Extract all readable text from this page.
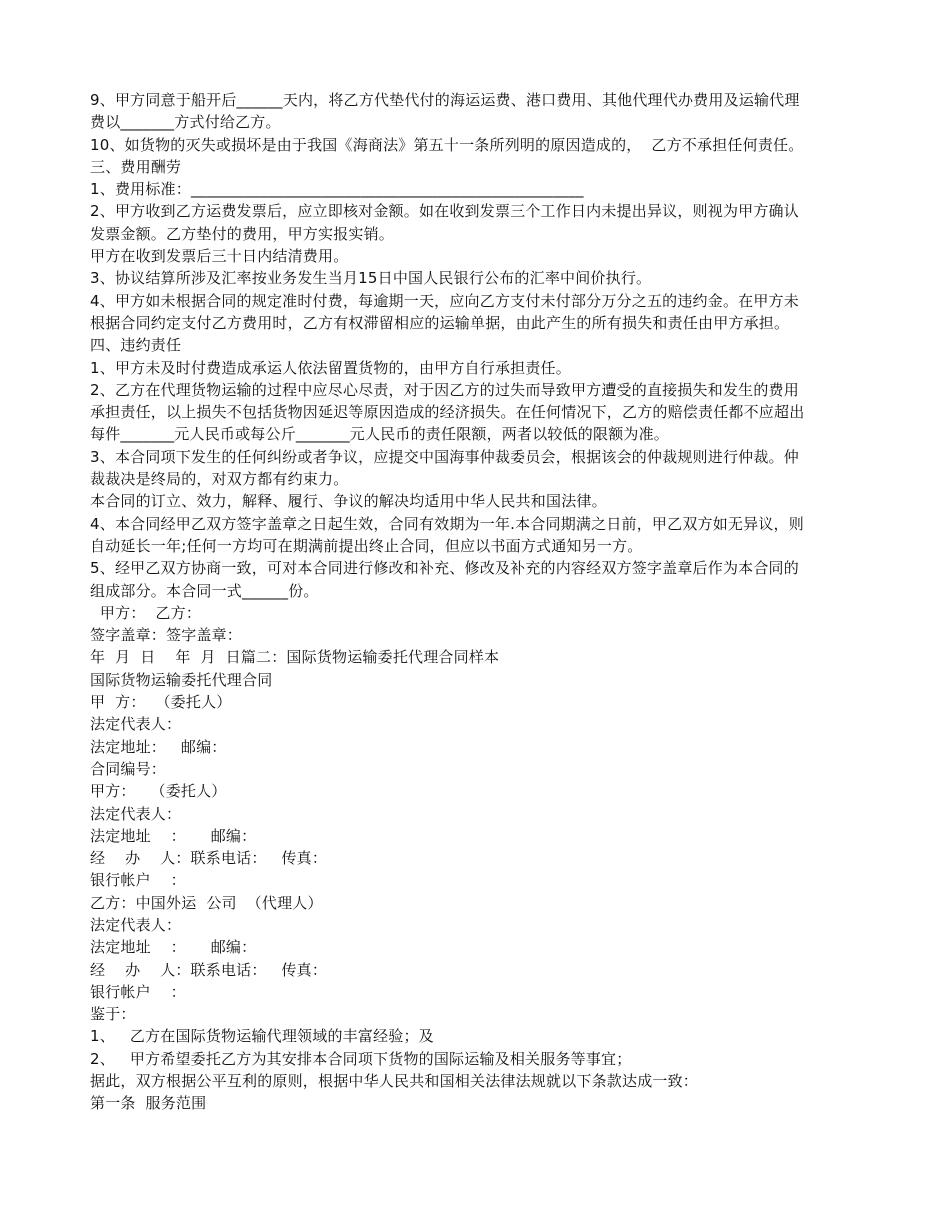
9、甲方同意于船开后______天内，将乙方代垫代付的海运运费、港口费用、其他代理代办费用及运输代理
费以_______方式付给乙方。
10、如货物的灭失或损坏是由于我国《海商法》第五十一条所列明的原因造成的，  乙方不承担任何责任。
三、费用酬劳
1、费用标准：___________________________________________________
2、甲方收到乙方运费发票后，应立即核对金额。如在收到发票三个工作日内未提出异议，则视为甲方确认
发票金额。乙方垫付的费用，甲方实报实销。
甲方在收到发票后三十日内结清费用。
3、协议结算所涉及汇率按业务发生当月15日中国人民银行公布的汇率中间价执行。
4、甲方如未根据合同的规定准时付费，每逾期一天，应向乙方支付未付部分万分之五的违约金。在甲方未
根据合同约定支付乙方费用时，乙方有权滞留相应的运输单据，由此产生的所有损失和责任由甲方承担。
四、违约责任
1、甲方未及时付费造成承运人依法留置货物的，由甲方自行承担责任。
2、乙方在代理货物运输的过程中应尽心尽责，对于因乙方的过失而导致甲方遭受的直接损失和发生的费用
承担责任，以上损失不包括货物因延迟等原因造成的经济损失。在任何情况下，乙方的赔偿责任都不应超出
每件_______元人民币或每公斤_______元人民币的责任限额，两者以较低的限额为准。
3、本合同项下发生的任何纠纷或者争议，应提交中国海事仲裁委员会，根据该会的仲裁规则进行仲裁。仲
裁裁决是终局的，对双方都有约束力。
本合同的订立、效力，解释、履行、争议的解决均适用中华人民共和国法律。
4、本合同经甲乙双方签字盖章之日起生效，合同有效期为一年.本合同期满之日前，甲乙双方如无异议，则
自动延长一年;任何一方均可在期满前提出终止合同，但应以书面方式通知另一方。
5、经甲乙双方协商一致，可对本合同进行修改和补充、修改及补充的内容经双方签字盖章后作为本合同的
组成部分。本合同一式______份。
甲方：  乙方：
签字盖章：签字盖章：
年  月  日    年  月  日篇二：国际货物运输委托代理合同样本
国际货物运输委托代理合同
甲  方：  （委托人）
法定代表人：
法定地址：   邮编：
合同编号：
甲方：   （委托人）
法定代表人：
法定地址    ：     邮编：
经    办    人：联系电话：   传真：
银行帐户    ：
乙方：中国外运  公司  （代理人）
法定代表人：
法定地址    ：     邮编：
经    办    人：联系电话：   传真：
银行帐户    ：
鉴于：
1、   乙方在国际货物运输代理领域的丰富经验；及
2、   甲方希望委托乙方为其安排本合同项下货物的国际运输及相关服务等事宜；
据此，双方根据公平互利的原则，根据中华人民共和国相关法律法规就以下条款达成一致：
第一条  服务范围
